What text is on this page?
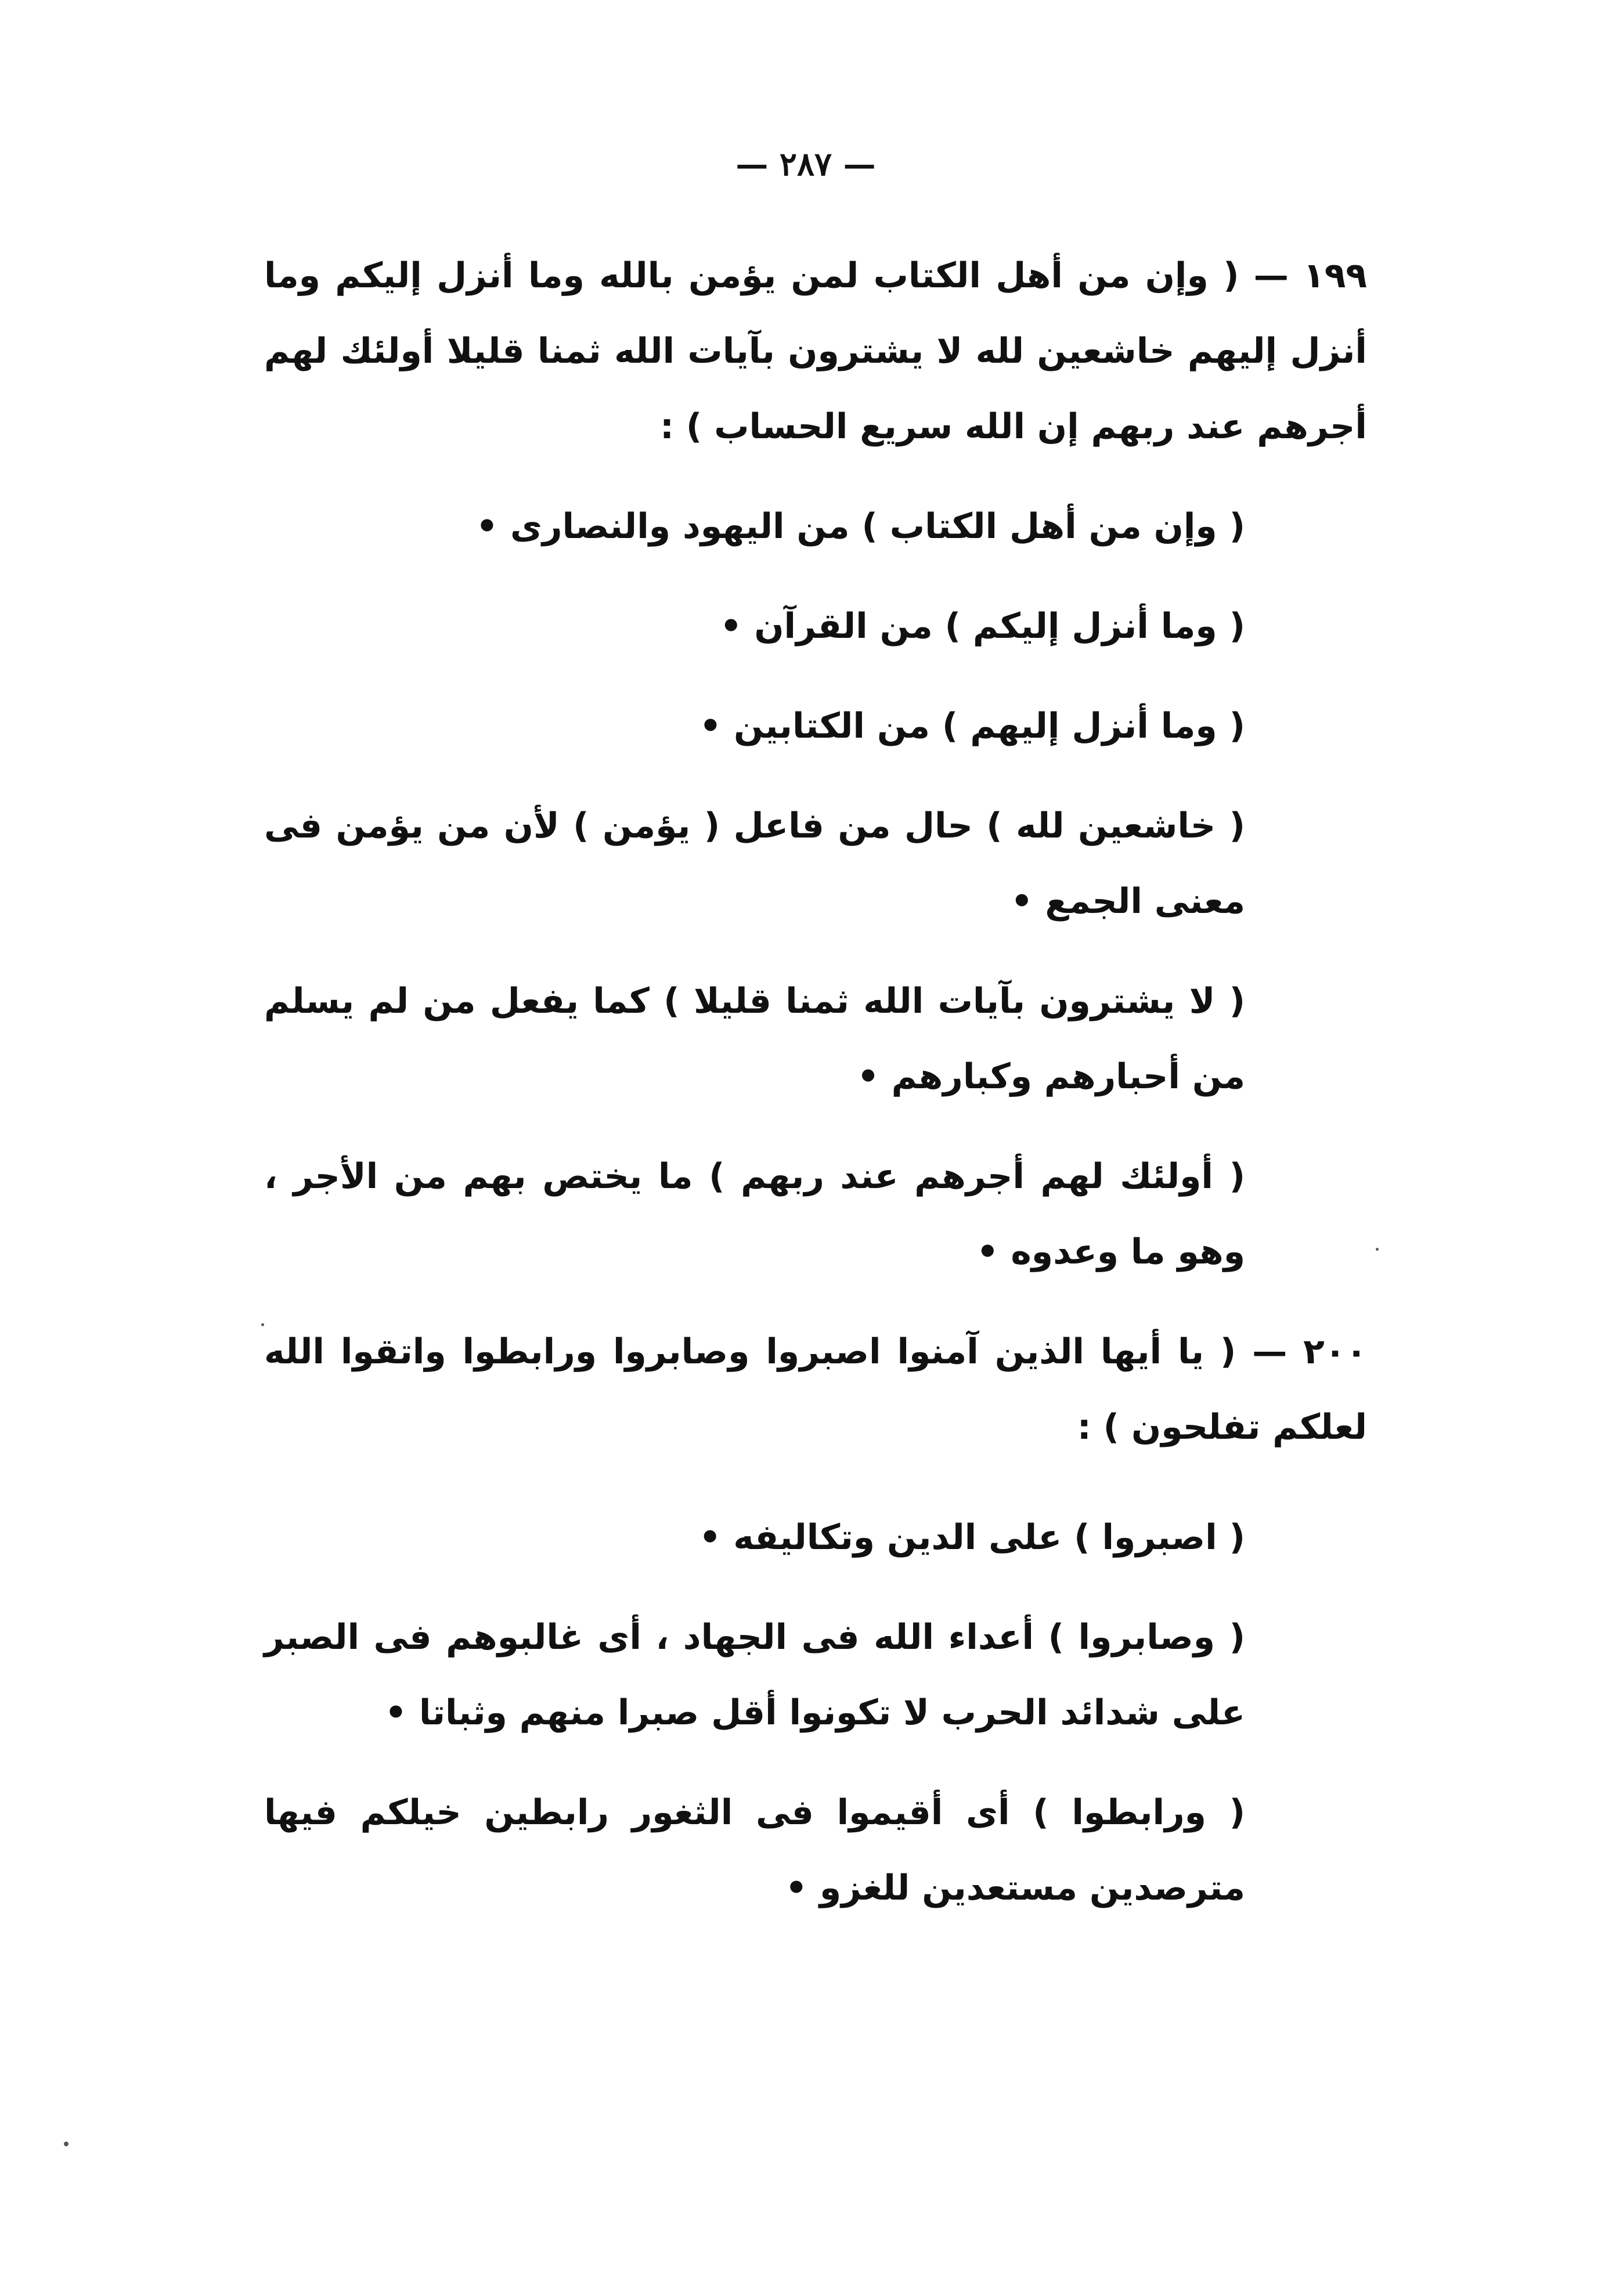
— ٢٨٧ —

١٩٩ — ( وإن من أهل الكتاب لمن يؤمن بالله وما أنزل إليكم وما أنزل إليهم خاشعين لله لا يشترون بآيات الله ثمنا قليلا أولئك لهم أجرهم عند ربهم إن الله سريع الحساب ) :

( وإن من أهل الكتاب ) من اليهود والنصارى •

( وما أنزل إليكم ) من القرآن •

( وما أنزل إليهم ) من الكتابين •

( خاشعين لله ) حال من فاعل ( يؤمن ) لأن من يؤمن فى معنى الجمع •

( لا يشترون بآيات الله ثمنا قليلا ) كما يفعل من لم يسلم من أحبارهم وكبارهم •

( أولئك لهم أجرهم عند ربهم ) ما يختص بهم من الأجر ، وهو ما وعدوه •

٢٠٠ — ( يا أيها الذين آمنوا اصبروا وصابروا ورابطوا واتقوا الله لعلكم تفلحون ) :

( اصبروا ) على الدين وتكاليفه •

( وصابروا ) أعداء الله فى الجهاد ، أى غالبوهم فى الصبر على شدائد الحرب لا تكونوا أقل صبرا منهم وثباتا •

( ورابطوا ) أى أقيموا فى الثغور رابطين خيلكم فيها مترصدين مستعدين للغزو •
